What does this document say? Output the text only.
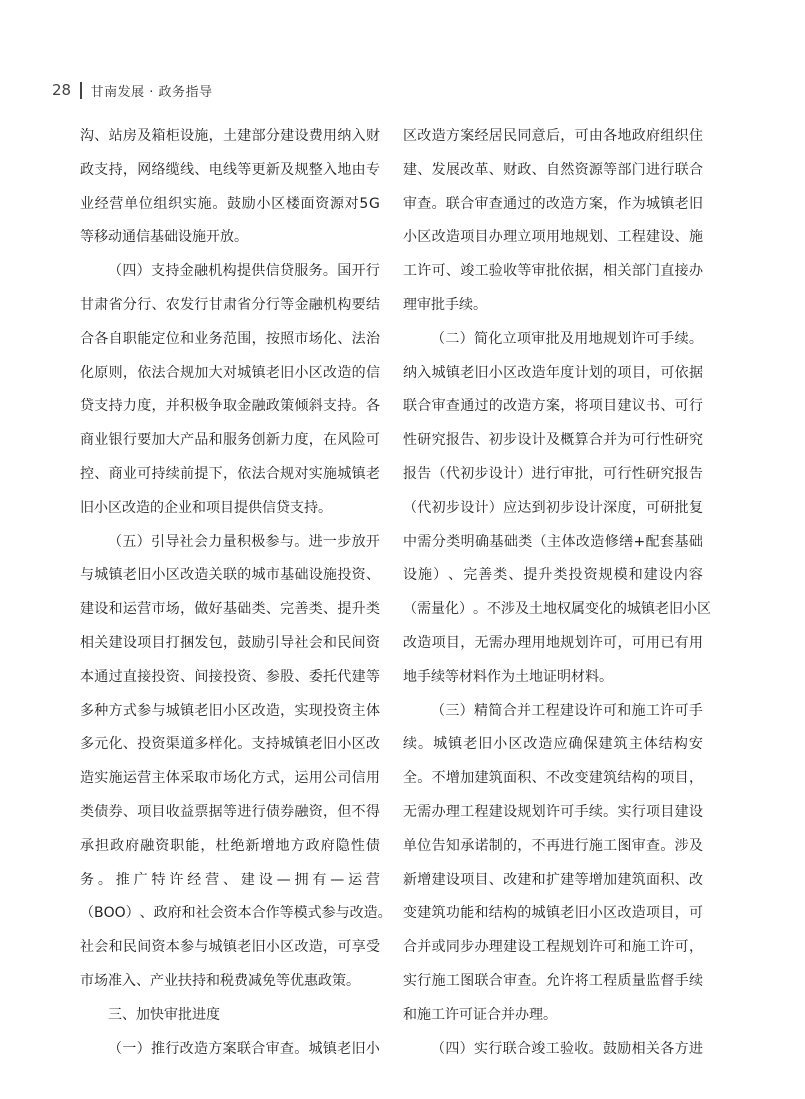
28 甘南发展 · 政务指导
沟 、 站 房 及 箱 柜 设 施 ， 土 建 部 分 建 设 费 用 纳 入 财
政 支 持 ， 网 络 缆 线 、 电 线 等 更 新 及 规 整 入 地 由 专
业 经 营 单 位 组 织 实 施 。 鼓 励 小 区 楼 面 资 源 对 5 G
等移动通信基础设施开放。
（ 四 ） 支 持 金 融 机 构 提 供 信 贷 服 务 。 国 开 行
甘 肃 省 分 行 、 农 发 行 甘 肃 省 分 行 等 金 融 机 构 要 结
合 各 自 职 能 定 位 和 业 务 范 围 ， 按 照 市 场 化 、 法 治
化 原 则 ， 依 法 合 规 加 大 对 城 镇 老 旧 小 区 改 造 的 信
贷 支 持 力 度 ， 并 积 极 争 取 金 融 政 策 倾 斜 支 持 。 各
商 业 银 行 要 加 大 产 品 和 服 务 创 新 力 度 ， 在 风 险 可
控 、 商 业 可 持 续 前 提 下 ， 依 法 合 规 对 实 施 城 镇 老
旧小区改造的企业和项目提供信贷支持。
（ 五 ） 引 导 社 会 力 量 积 极 参 与 。 进 一 步 放 开
与 城 镇 老 旧 小 区 改 造 关 联 的 城 市 基 础 设 施 投 资 、
建 设 和 运 营 市 场 ， 做 好 基 础 类 、 完 善 类 、 提 升 类
相 关 建 设 项 目 打 捆 发 包 ， 鼓 励 引 导 社 会 和 民 间 资
本 通 过 直 接 投 资 、 间 接 投 资 、 参 股 、 委 托 代 建 等
多 种 方 式 参 与 城 镇 老 旧 小 区 改 造 ， 实 现 投 资 主 体
多 元 化 、 投 资 渠 道 多 样 化 。 支 持 城 镇 老 旧 小 区 改
造 实 施 运 营 主 体 采 取 市 场 化 方 式 ， 运 用 公 司 信 用
类 债 券 、 项 目 收 益 票 据 等 进 行 债 券 融 资 ， 但 不 得
承 担 政 府 融 资 职 能 ， 杜 绝 新 增 地 方 政 府 隐 性 债
务 。 推 广 特 许 经 营 、 建 设 — 拥 有 — 运 营
（ B O O ） 、 政 府 和 社 会 资 本 合 作 等 模 式 参 与 改 造 。
社 会 和 民 间 资 本 参 与 城 镇 老 旧 小 区 改 造 ， 可 享 受
市场准入、产业扶持和税费减免等优惠政策。
三、加快审批进度
（ 一 ） 推 行 改 造 方 案 联 合 审 查 。 城 镇 老 旧 小
区 改 造 方 案 经 居 民 同 意 后 ， 可 由 各 地 政 府 组 织 住
建 、 发 展 改 革 、 财 政 、 自 然 资 源 等 部 门 进 行 联 合
审 查 。 联 合 审 查 通 过 的 改 造 方 案 ， 作 为 城 镇 老 旧
小 区 改 造 项 目 办 理 立 项 用 地 规 划 、 工 程 建 设 、 施
工 许 可 、 竣 工 验 收 等 审 批 依 据 ， 相 关 部 门 直 接 办
理审批手续。
（ 二 ） 简 化 立 项 审 批 及 用 地 规 划 许 可 手 续 。
纳 入 城 镇 老 旧 小 区 改 造 年 度 计 划 的 项 目 ， 可 依 据
联 合 审 查 通 过 的 改 造 方 案 ， 将 项 目 建 议 书 、 可 行
性 研 究 报 告 、 初 步 设 计 及 概 算 合 并 为 可 行 性 研 究
报 告 （ 代 初 步 设 计 ） 进 行 审 批 ， 可 行 性 研 究 报 告
（ 代 初 步 设 计 ） 应 达 到 初 步 设 计 深 度 ， 可 研 批 复
中 需 分 类 明 确 基 础 类 （ 主 体 改 造 修 缮 + 配 套 基 础
设 施 ） 、 完 善 类 、 提 升 类 投 资 规 模 和 建 设 内 容
（ 需 量 化 ） 。 不 涉 及 土 地 权 属 变 化 的 城 镇 老 旧 小 区
改 造 项 目 ， 无 需 办 理 用 地 规 划 许 可 ， 可 用 已 有 用
地手续等材料作为土地证明材料。
（ 三 ） 精 简 合 并 工 程 建 设 许 可 和 施 工 许 可 手
续 。 城 镇 老 旧 小 区 改 造 应 确 保 建 筑 主 体 结 构 安
全 。 不 增 加 建 筑 面 积 、 不 改 变 建 筑 结 构 的 项 目 ，
无 需 办 理 工 程 建 设 规 划 许 可 手 续 。 实 行 项 目 建 设
单 位 告 知 承 诺 制 的 ， 不 再 进 行 施 工 图 审 查 。 涉 及
新 增 建 设 项 目 、 改 建 和 扩 建 等 增 加 建 筑 面 积 、 改
变 建 筑 功 能 和 结 构 的 城 镇 老 旧 小 区 改 造 项 目 ， 可
合 并 或 同 步 办 理 建 设 工 程 规 划 许 可 和 施 工 许 可 ，
实 行 施 工 图 联 合 审 查 。 允 许 将 工 程 质 量 监 督 手 续
和施工许可证合并办理。
（ 四 ） 实 行 联 合 竣 工 验 收 。 鼓 励 相 关 各 方 进
